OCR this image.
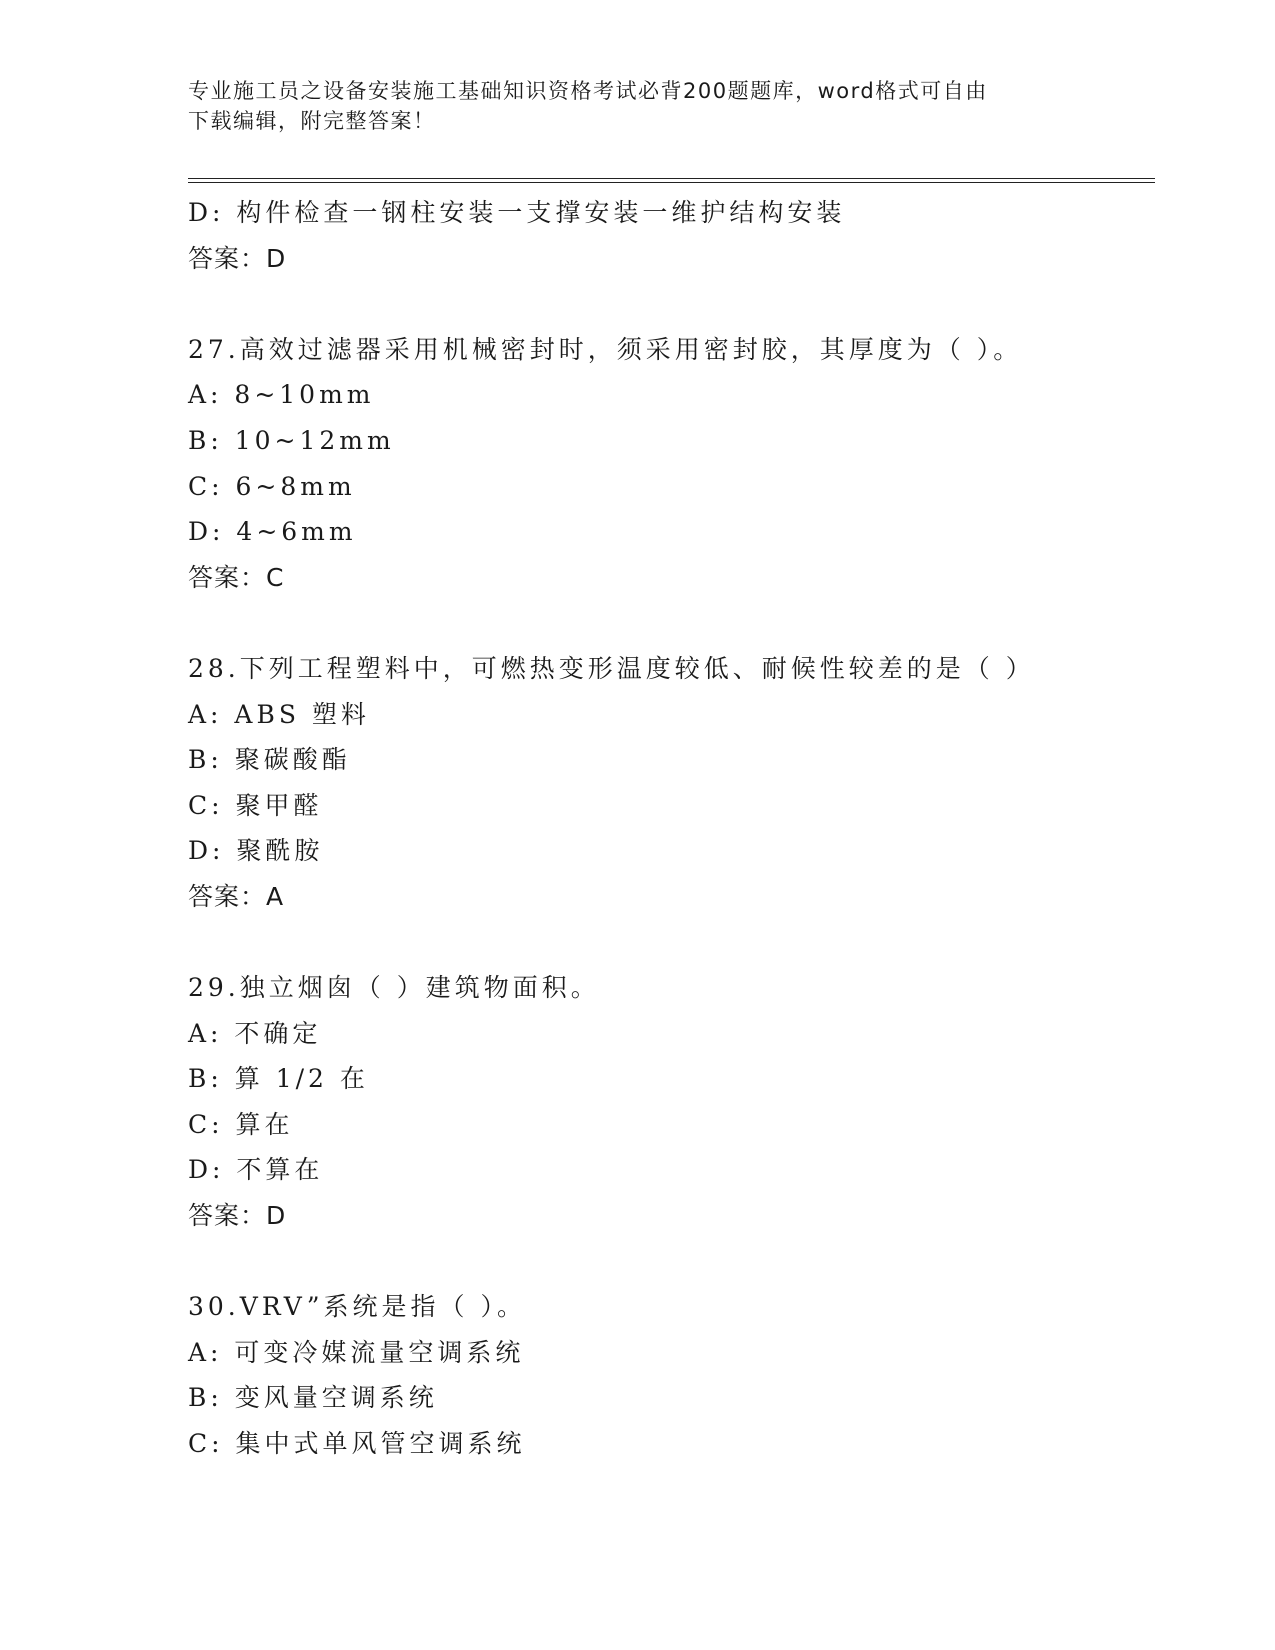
专业施工员之设备安装施工基础知识资格考试必背200题题库，word格式可自由
下载编辑，附完整答案！
D: 构件检查一钢柱安装一支撑安装一维护结构安装
答案：D
27.高效过滤器采用机械密封时，须采用密封胶，其厚度为（ ）。
A: 8~10mm
B: 10~12mm
C: 6~8mm
D: 4~6mm
答案：C
28.下列工程塑料中，可燃热变形温度较低、耐候性较差的是（ ）
A: ABS 塑料
B: 聚碳酸酯
C: 聚甲醛
D: 聚酰胺
答案：A
29.独立烟囱（ ）建筑物面积。
A: 不确定
B: 算 1/2 在
C: 算在
D: 不算在
答案：D
30.VRV”系统是指（ ）。
A: 可变冷媒流量空调系统
B: 变风量空调系统
C: 集中式单风管空调系统
